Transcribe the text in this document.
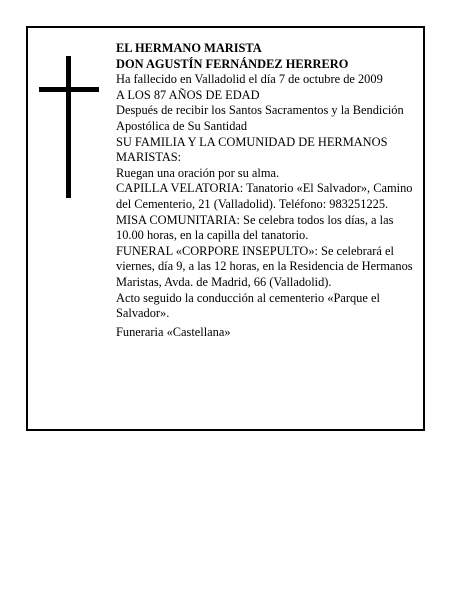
EL HERMANO MARISTA
DON AGUSTÍN FERNÁNDEZ HERRERO
Ha fallecido en Valladolid el día 7 de octubre de 2009
A LOS 87 AÑOS DE EDAD
Después de recibir los Santos Sacramentos y la Bendición Apostólica de Su Santidad
SU FAMILIA Y LA COMUNIDAD DE HERMANOS MARISTAS:
Ruegan una oración por su alma.
CAPILLA VELATORIA: Tanatorio «El Salvador», Camino del Cementerio, 21 (Valladolid). Teléfono: 983251225.
MISA COMUNITARIA: Se celebra todos los días, a las 10.00 horas, en la capilla del tanatorio.
FUNERAL «CORPORE INSEPULTO»: Se celebrará el viernes, día 9, a las 12 horas, en la Residencia de Hermanos Maristas, Avda. de Madrid, 66 (Valladolid).
Acto seguido la conducción al cementerio «Parque el Salvador».
Funeraria «Castellana»
